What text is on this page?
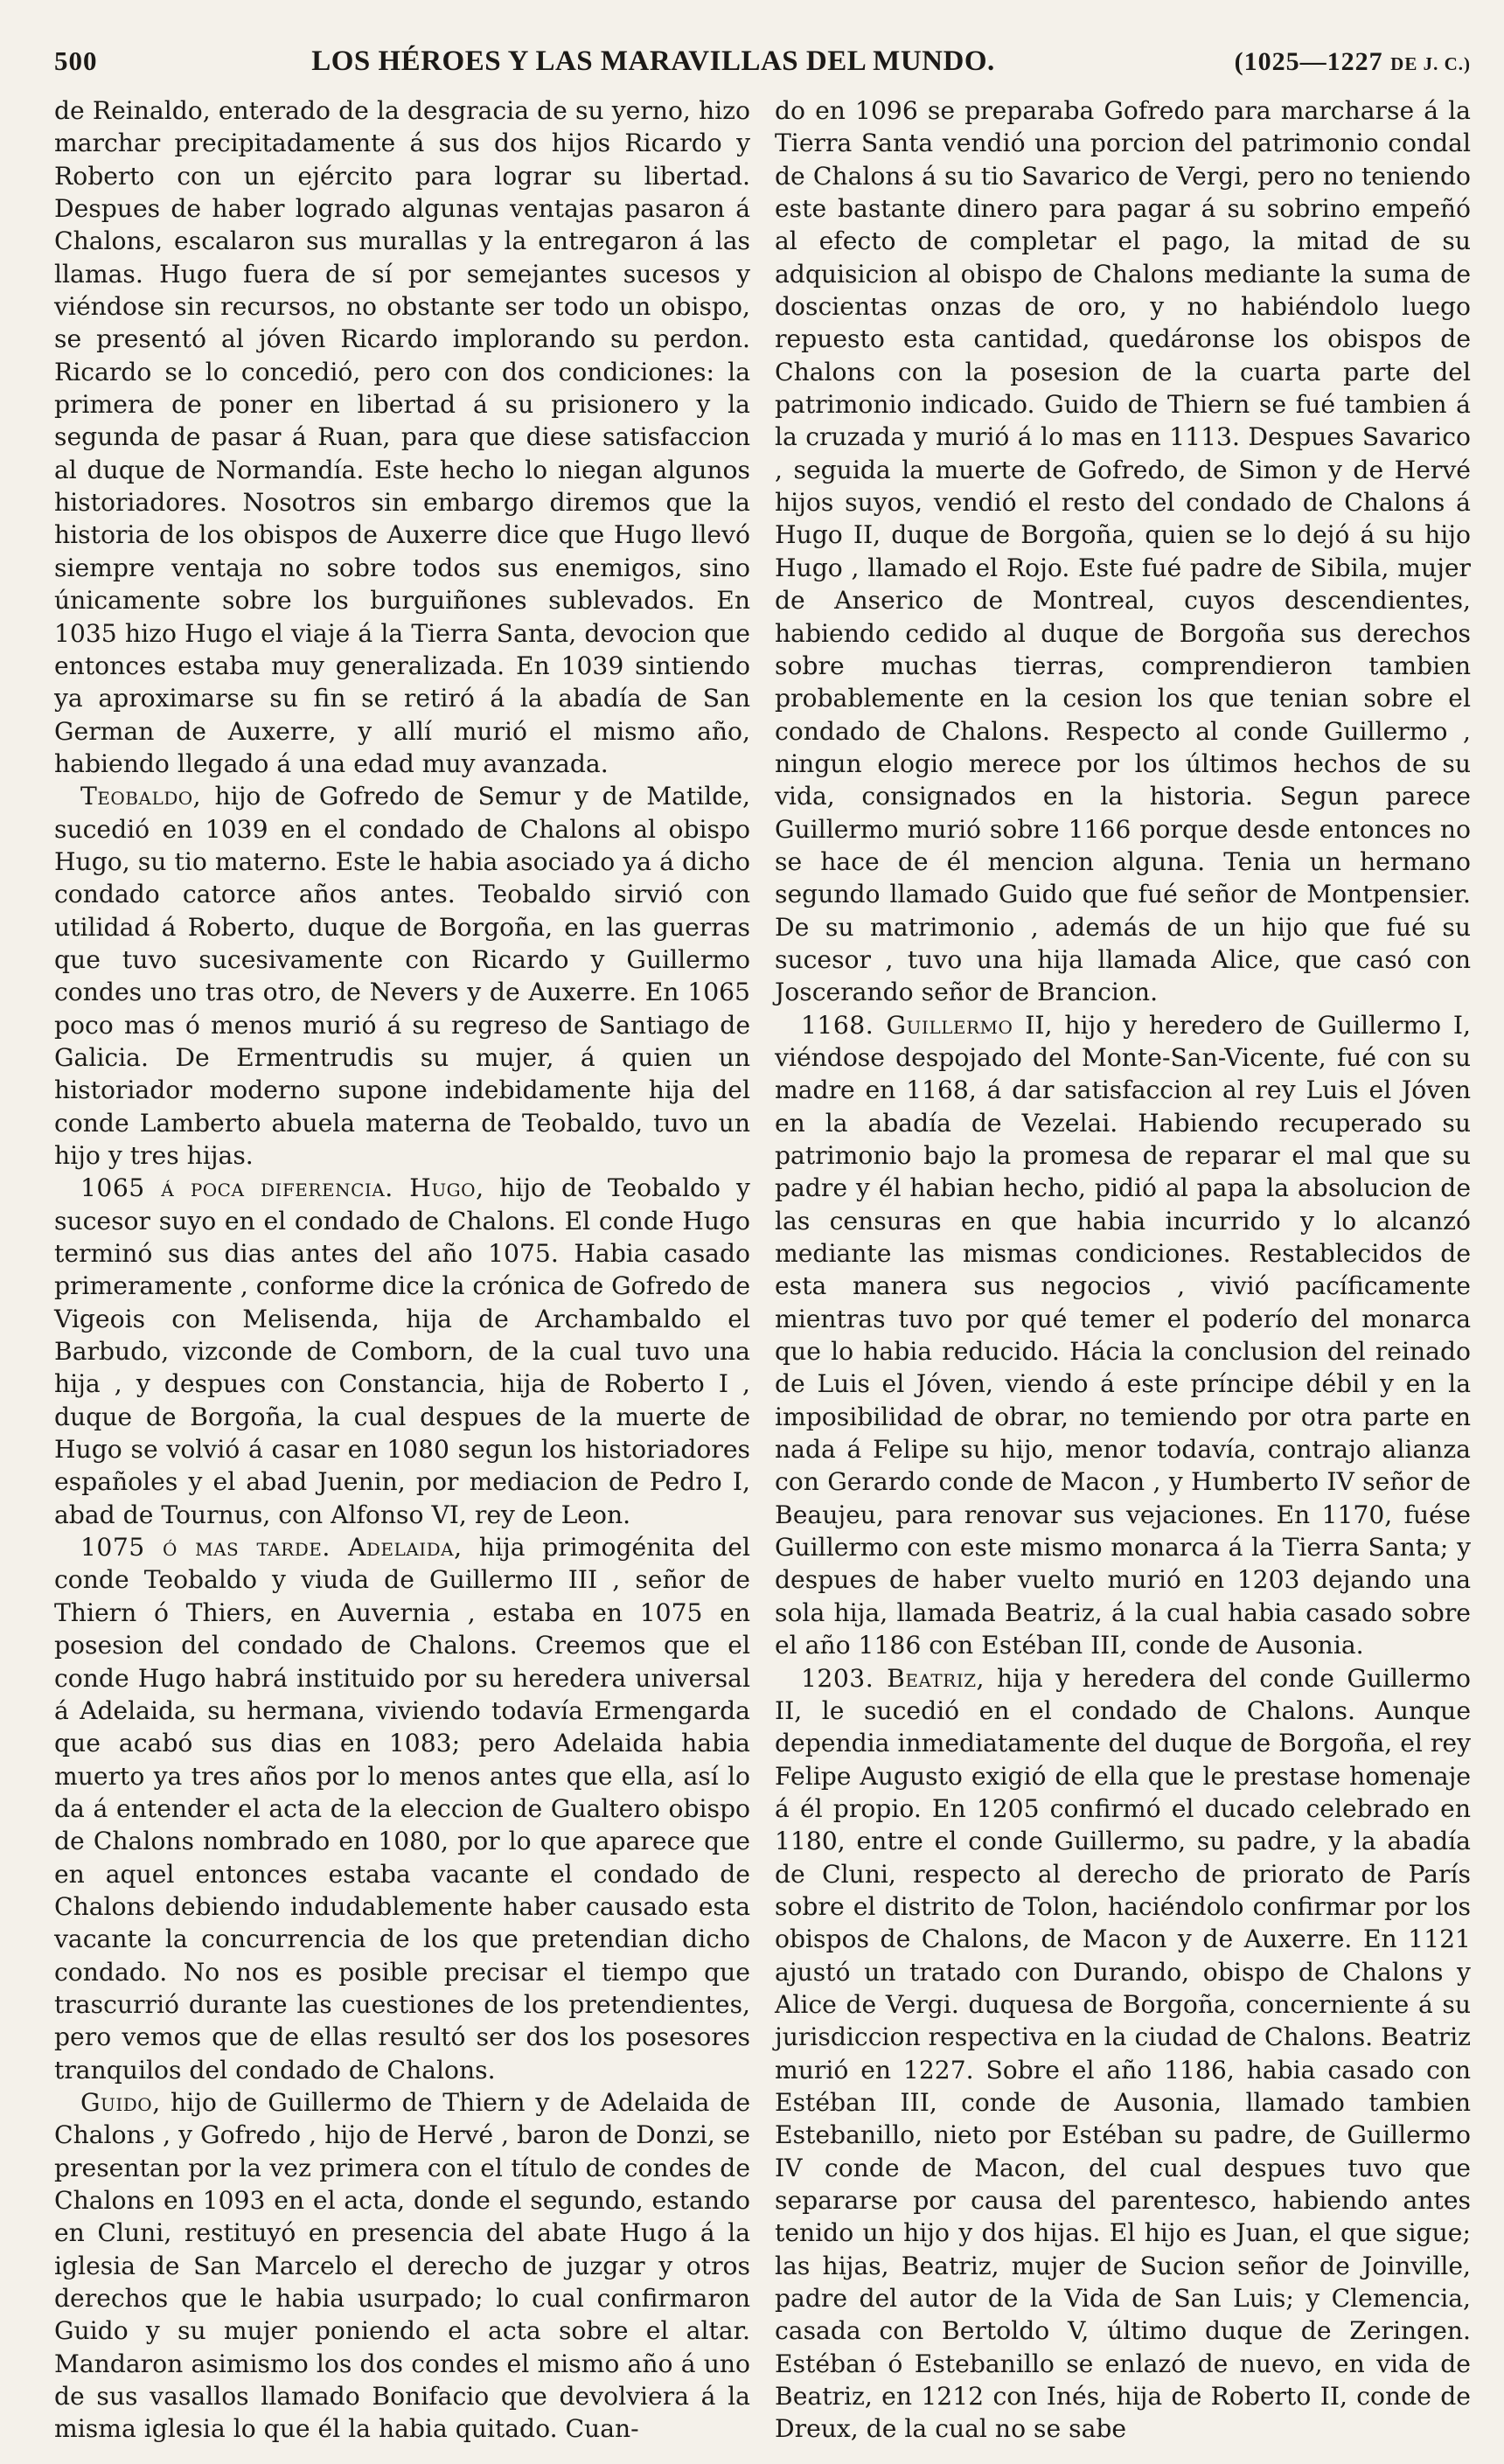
500	LOS HÉROES Y LAS MARAVILLAS DEL MUNDO.	(1025—1227 DE J. C.)

de Reinaldo, enterado de la desgracia de su yerno, hizo marchar precipitadamente á sus dos hijos Ricardo y Roberto con un ejército para lograr su libertad. Despues de haber logrado algunas ventajas pasaron á Chalons, escalaron sus murallas y la entregaron á las llamas. Hugo fuera de sí por semejantes sucesos y viéndose sin recursos, no obstante ser todo un obispo, se presentó al jóven Ricardo implorando su perdon. Ricardo se lo concedió, pero con dos condiciones: la primera de poner en libertad á su prisionero y la segunda de pasar á Ruan, para que diese satisfaccion al duque de Normandía. Este hecho lo niegan algunos historiadores. Nosotros sin embargo diremos que la historia de los obispos de Auxerre dice que Hugo llevó siempre ventaja no sobre todos sus enemigos, sino únicamente sobre los burguiñones sublevados. En 1035 hizo Hugo el viaje á la Tierra Santa, devocion que entonces estaba muy generalizada. En 1039 sintiendo ya aproximarse su fin se retiró á la abadía de San German de Auxerre, y allí murió el mismo año, habiendo llegado á una edad muy avanzada.

Teobaldo, hijo de Gofredo de Semur y de Matilde, sucedió en 1039 en el condado de Chalons al obispo Hugo, su tio materno. Este le habia asociado ya á dicho condado catorce años antes. Teobaldo sirvió con utilidad á Roberto, duque de Borgoña, en las guerras que tuvo sucesivamente con Ricardo y Guillermo condes uno tras otro, de Nevers y de Auxerre. En 1065 poco mas ó menos murió á su regreso de Santiago de Galicia. De Ermentrudis su mujer, á quien un historiador moderno supone indebidamente hija del conde Lamberto abuela materna de Teobaldo, tuvo un hijo y tres hijas.

1065 á poca diferencia. Hugo, hijo de Teobaldo y sucesor suyo en el condado de Chalons. El conde Hugo terminó sus dias antes del año 1075. Habia casado primeramente , conforme dice la crónica de Gofredo de Vigeois con Melisenda, hija de Archambaldo el Barbudo, vizconde de Comborn, de la cual tuvo una hija , y despues con Constancia, hija de Roberto I , duque de Borgoña, la cual despues de la muerte de Hugo se volvió á casar en 1080 segun los historiadores españoles y el abad Juenin, por mediacion de Pedro I, abad de Tournus, con Alfonso VI, rey de Leon.

1075 ó mas tarde. Adelaida, hija primogénita del conde Teobaldo y viuda de Guillermo III , señor de Thiern ó Thiers, en Auvernia , estaba en 1075 en posesion del condado de Chalons. Creemos que el conde Hugo habrá instituido por su heredera universal á Adelaida, su hermana, viviendo todavía Ermengarda que acabó sus dias en 1083; pero Adelaida habia muerto ya tres años por lo menos antes que ella, así lo da á entender el acta de la eleccion de Gualtero obispo de Chalons nombrado en 1080, por lo que aparece que en aquel entonces estaba vacante el condado de Chalons debiendo indudablemente haber causado esta vacante la concurrencia de los que pretendian dicho condado. No nos es posible precisar el tiempo que trascurrió durante las cuestiones de los pretendientes, pero vemos que de ellas resultó ser dos los posesores tranquilos del condado de Chalons.

Guido, hijo de Guillermo de Thiern y de Adelaida de Chalons , y Gofredo , hijo de Hervé , baron de Donzi, se presentan por la vez primera con el título de condes de Chalons en 1093 en el acta, donde el segundo, estando en Cluni, restituyó en presencia del abate Hugo á la iglesia de San Marcelo el derecho de juzgar y otros derechos que le habia usurpado; lo cual confirmaron Guido y su mujer poniendo el acta sobre el altar. Mandaron asimismo los dos condes el mismo año á uno de sus vasallos llamado Bonifacio que devolviera á la misma iglesia lo que él la habia quitado. Cuan-

do en 1096 se preparaba Gofredo para marcharse á la Tierra Santa vendió una porcion del patrimonio condal de Chalons á su tio Savarico de Vergi, pero no teniendo este bastante dinero para pagar á su sobrino empeñó al efecto de completar el pago, la mitad de su adquisicion al obispo de Chalons mediante la suma de doscientas onzas de oro, y no habiéndolo luego repuesto esta cantidad, quedáronse los obispos de Chalons con la posesion de la cuarta parte del patrimonio indicado. Guido de Thiern se fué tambien á la cruzada y murió á lo mas en 1113. Despues Savarico , seguida la muerte de Gofredo, de Simon y de Hervé hijos suyos, vendió el resto del condado de Chalons á Hugo II, duque de Borgoña, quien se lo dejó á su hijo Hugo , llamado el Rojo. Este fué padre de Sibila, mujer de Anserico de Montreal, cuyos descendientes, habiendo cedido al duque de Borgoña sus derechos sobre muchas tierras, comprendieron tambien probablemente en la cesion los que tenian sobre el condado de Chalons. Respecto al conde Guillermo , ningun elogio merece por los últimos hechos de su vida, consignados en la historia. Segun parece Guillermo murió sobre 1166 porque desde entonces no se hace de él mencion alguna. Tenia un hermano segundo llamado Guido que fué señor de Montpensier. De su matrimonio , además de un hijo que fué su sucesor , tuvo una hija llamada Alice, que casó con Joscerando señor de Brancion.

1168. Guillermo II, hijo y heredero de Guillermo I, viéndose despojado del Monte-San-Vicente, fué con su madre en 1168, á dar satisfaccion al rey Luis el Jóven en la abadía de Vezelai. Habiendo recuperado su patrimonio bajo la promesa de reparar el mal que su padre y él habian hecho, pidió al papa la absolucion de las censuras en que habia incurrido y lo alcanzó mediante las mismas condiciones. Restablecidos de esta manera sus negocios , vivió pacíficamente mientras tuvo por qué temer el poderío del monarca que lo habia reducido. Hácia la conclusion del reinado de Luis el Jóven, viendo á este príncipe débil y en la imposibilidad de obrar, no temiendo por otra parte en nada á Felipe su hijo, menor todavía, contrajo alianza con Gerardo conde de Macon , y Humberto IV señor de Beaujeu, para renovar sus vejaciones. En 1170, fuése Guillermo con este mismo monarca á la Tierra Santa; y despues de haber vuelto murió en 1203 dejando una sola hija, llamada Beatriz, á la cual habia casado sobre el año 1186 con Estéban III, conde de Ausonia.

1203. Beatriz, hija y heredera del conde Guillermo II, le sucedió en el condado de Chalons. Aunque dependia inmediatamente del duque de Borgoña, el rey Felipe Augusto exigió de ella que le prestase homenaje á él propio. En 1205 confirmó el ducado celebrado en 1180, entre el conde Guillermo, su padre, y la abadía de Cluni, respecto al derecho de priorato de París sobre el distrito de Tolon, haciéndolo confirmar por los obispos de Chalons, de Macon y de Auxerre. En 1121 ajustó un tratado con Durando, obispo de Chalons y Alice de Vergi. duquesa de Borgoña, concerniente á su jurisdiccion respectiva en la ciudad de Chalons. Beatriz murió en 1227. Sobre el año 1186, habia casado con Estéban III, conde de Ausonia, llamado tambien Estebanillo, nieto por Estéban su padre, de Guillermo IV conde de Macon, del cual despues tuvo que separarse por causa del parentesco, habiendo antes tenido un hijo y dos hijas. El hijo es Juan, el que sigue; las hijas, Beatriz, mujer de Sucion señor de Joinville, padre del autor de la Vida de San Luis; y Clemencia, casada con Bertoldo V, último duque de Zeringen. Estéban ó Estebanillo se enlazó de nuevo, en vida de Beatriz, en 1212 con Inés, hija de Roberto II, conde de Dreux, de la cual no se sabe
